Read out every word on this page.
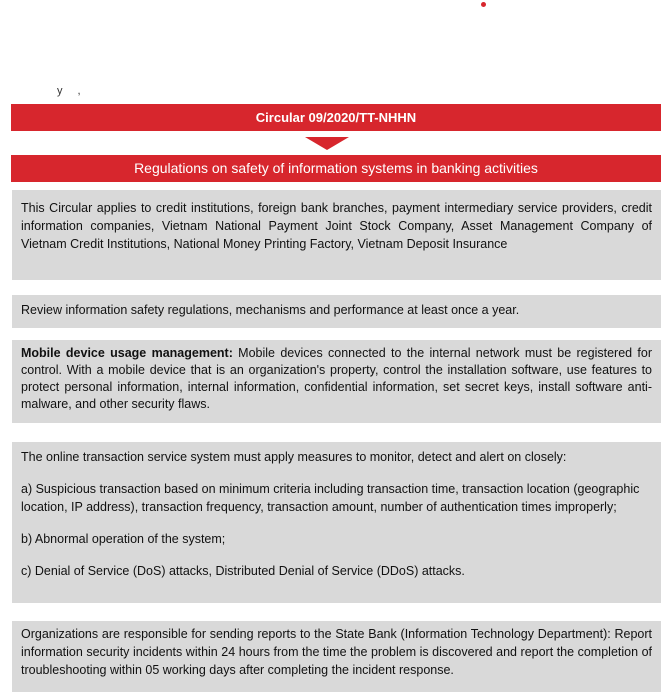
y ,
Circular 09/2020/TT-NHHN
Regulations on safety of information systems in banking activities

This Circular applies to credit institutions, foreign bank branches, payment intermediary service providers, credit information companies, Vietnam National Payment Joint Stock Company, Asset Management Company of Vietnam Credit Institutions, National Money Printing Factory, Vietnam Deposit Insurance

Review information safety regulations, mechanisms and performance at least once a year.

Mobile device usage management: Mobile devices connected to the internal network must be registered for control. With a mobile device that is an organization's property, control the installation software, use features to protect personal information, internal information, confidential information, set secret keys, install software anti-malware, and other security flaws.

The online transaction service system must apply measures to monitor, detect and alert on closely:

a) Suspicious transaction based on minimum criteria including transaction time, transaction location (geographic location, IP address), transaction frequency, transaction amount, number of authentication times improperly;

b) Abnormal operation of the system;

c) Denial of Service (DoS) attacks, Distributed Denial of Service (DDoS) attacks.

Organizations are responsible for sending reports to the State Bank (Information Technology Department): Report information security incidents within 24 hours from the time the problem is discovered and report the completion of troubleshooting within 05 working days after completing the incident response.
